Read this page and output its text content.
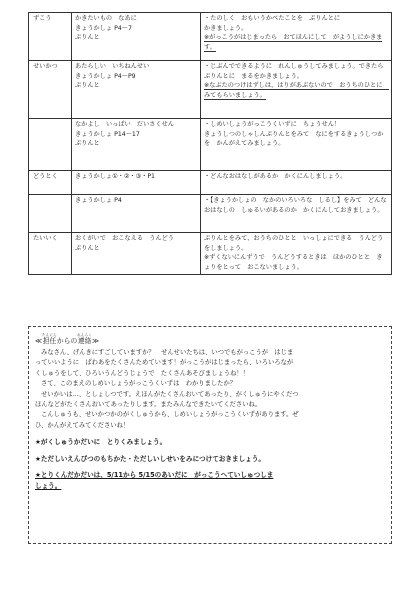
ずこう	かきたいもの　なあに
きょうかしょ P4〜7
ぷりんと	・たのしく　おもいうかべたことを　ぷりんとに
かきましょう。
※がっこうがはじまったら　おてほんにして　がようしにかきます。

せいかつ	あたらしい　いちねんせい
きょうかしょ P4〜P9
ぷりんと	・じぶんでできるように　れんしゅうしてみましょう。できたらぷりんとに　まるをかきましょう。
※なぶたのつけはずしは、はりがあぶないので　おうちのひとに　みてもらいましょう。

	なかよし　いっぱい　だいさくせん
きょうかしょ P14〜17
ぷりんと	・しめいしょうがっこうくいずに　ちょうせん！
きょうしつのしゃしんぷりんとをみて　なにをするきょうしつかを　かんがえてみましょう。

どうとく	きょうかしょ①・②・③・P1	・どんなおはなしがあるか　かくにんしましょう。

	きょうかしょ P4	・【きょうかしょの　なかのいろいろな　しるし】をみて　どんなおはなしの　しゅるいがあるのか　かくにんしておきましょう。

たいいく	おくがいで　おこなえる　うんどう
ぷりんと	ぷりんとをみて、おうちのひとと　いっしょにできる　うんどうをしましょう。
※ずくないにんずうで　うんどうするときは　ほかのひとと　きょりをとって　おこないましょう。
≪
たんにん
担任 からの
れんらく
連絡 ≫
みなさん、げんきにすごしていますか？　せんせいたちは、いつでもがっこうが　はじま
っていいように　ぱわあをたくさんためています！がっこうがはじまったら、いろいろなが
くしゅうをして、ひろいうんどうじょうで　たくさんあそびましょうね！！
さて、このまえのしめいしょうがっこうくいずは　わかりましたか？
せいかいは…、としょしつです。えほんがたくさんおいてあったり、がくしゅうにやくだつ
ほんなどがたくさんおいてあったりします。またみんなできたいてくださいね。
こんしゅうも、せいかつかのがくしゅうから、しめいしょうがっこうくいずがあります。ぜ
ひ、かんがえてみてくださいね！
★がくしゅうかだいに　とりくみましょう。
★ただしいえんぴつのもちかた・ただしいしせいをみにつけておきましょう。
★とりくんだかだいは、5/11から 5/15のあいだに　がっこうへていしゅつしま
しょう。
